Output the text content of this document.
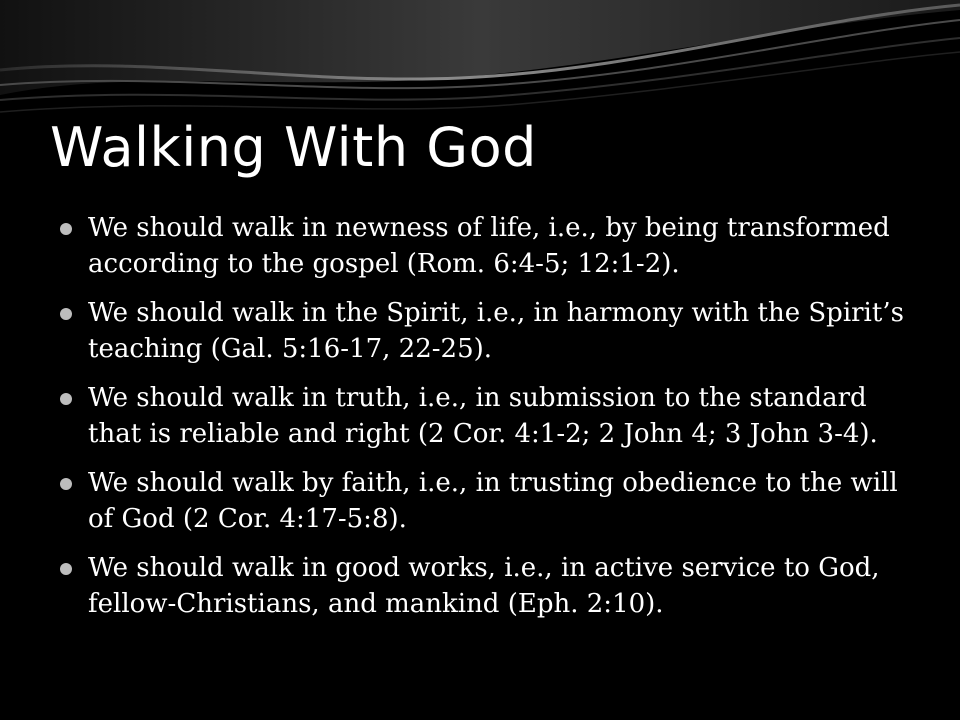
Walking With God
We should walk in newness of life, i.e., by being transformed according to the gospel (Rom. 6:4-5; 12:1-2).
We should walk in the Spirit, i.e., in harmony with the Spirit’s teaching (Gal. 5:16-17, 22-25).
We should walk in truth, i.e., in submission to the standard that is reliable and right (2 Cor. 4:1-2; 2 John 4; 3 John 3-4).
We should walk by faith, i.e., in trusting obedience to the will of God (2 Cor. 4:17-5:8).
We should walk in good works, i.e., in active service to God, fellow-Christians, and mankind (Eph. 2:10).
